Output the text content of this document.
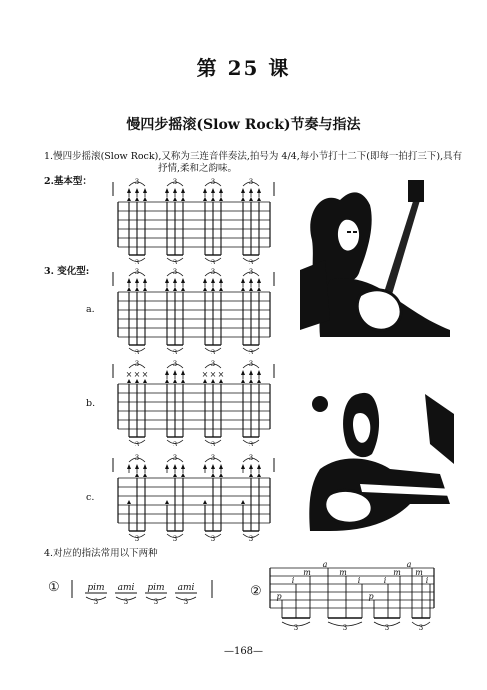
第 25 课
慢四步摇滚(Slow Rock)节奏与指法
1.慢四步摇滚(Slow Rock),又称为三连音伴奏法,拍号为 4/4,每小节打十二下(即每一拍打三下),具有
抒情,柔和之韵味。
2.基本型：
3. 变化型:
a.
b.
c.
3
3
3
3
3
3
3
3
3
3
3
3
3
3
3
3
3
× × ×
3
3
3
3
× × ×
3
3
3
3
3
3
3
3
3
3
3
4.对应的指法常用以下两种
①	pim
3
ami
3
pim
3
ami
3
② p
i
m
a
m
i
p
i
m
a
m
i
3	3	3	3
—168—
